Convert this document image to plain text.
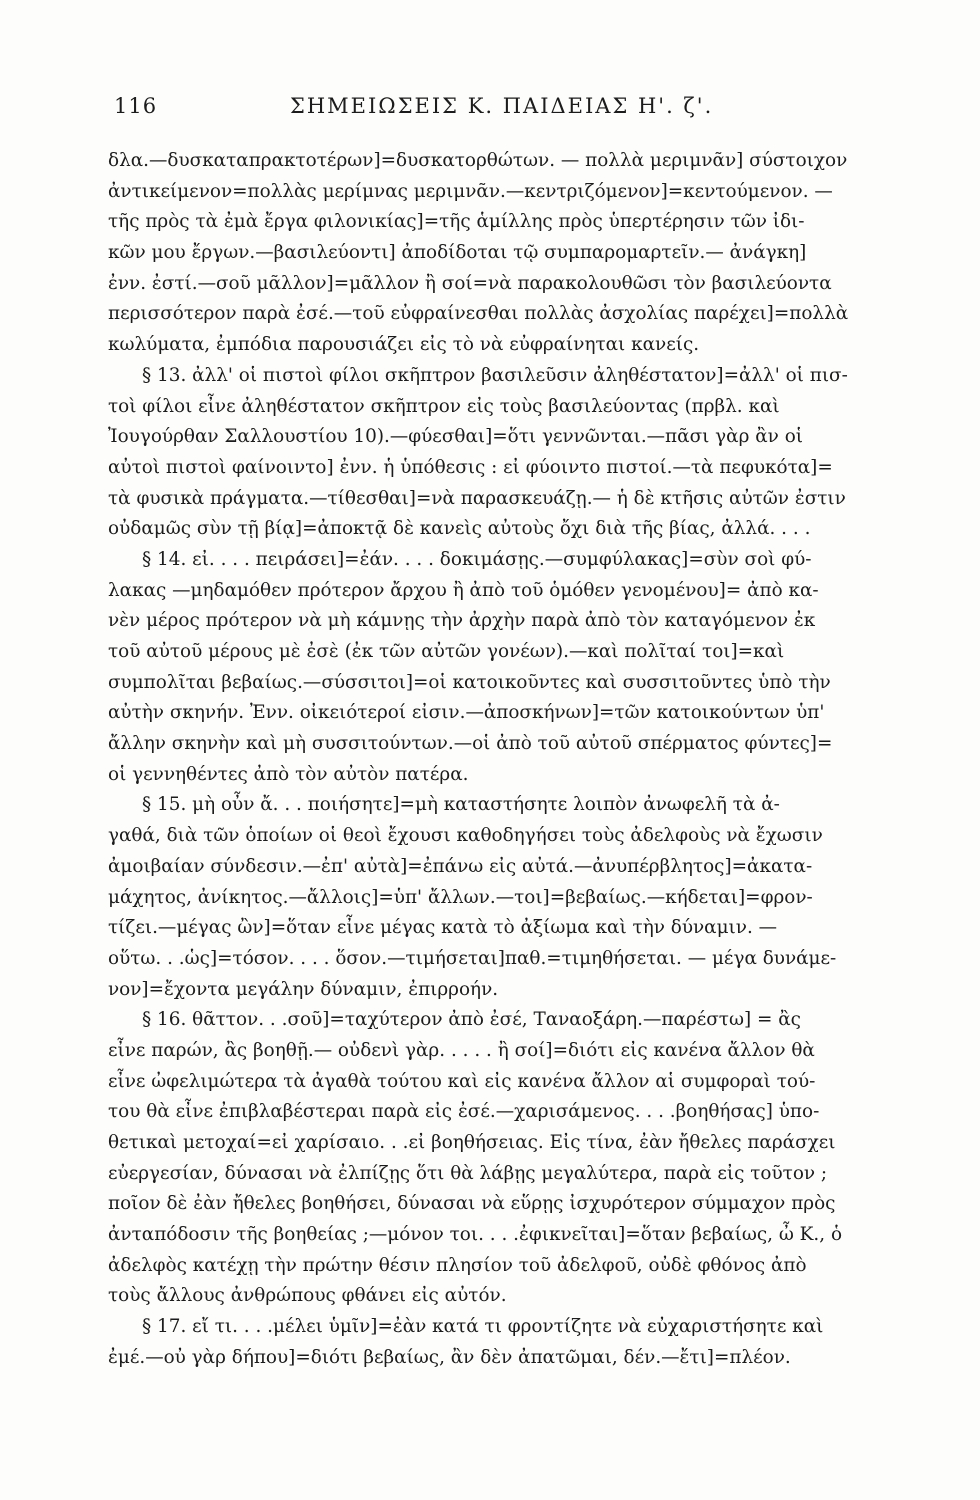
116	ΣΗΜΕΙΩΣΕΙΣ Κ. ΠΑΙΔΕΙΑΣ Η'. ζ'.
δλα.—δυσκαταπρακτοτέρων]=δυσκατορθώτων. — πολλὰ μεριμνᾶν] σύστοιχον
ἀντικείμενον=πολλὰς μερίμνας μεριμνᾶν.—κεντριζόμενον]=κεντούμενον. —
τῆς πρὸς τὰ ἐμὰ ἔργα φιλονικίας]=τῆς ἁμίλλης πρὸς ὑπερτέρησιν τῶν ἰδι-
κῶν μου ἔργων.—βασιλεύοντι] ἀποδίδοται τῷ συμπαρομαρτεῖν.— ἀνάγκη]
ἐνν. ἐστί.—σοῦ μᾶλλον]=μᾶλλον ἢ σοί=νὰ παρακολουθῶσι τὸν βασιλεύοντα
περισσότερον παρὰ ἐσέ.—τοῦ εὐφραίνεσθαι πολλὰς ἀσχολίας παρέχει]=πολλὰ
κωλύματα, ἐμπόδια παρουσιάζει εἰς τὸ νὰ εὐφραίνηται κανείς.
§ 13. ἀλλ' οἱ πιστοὶ φίλοι σκῆπτρον βασιλεῦσιν ἀληθέστατον]=ἀλλ' οἱ πισ-
τοὶ φίλοι εἶνε ἀληθέστατον σκῆπτρον εἰς τοὺς βασιλεύοντας (πρβλ. καὶ
Ἰουγούρθαν Σαλλουστίου 10).—φύεσθαι]=ὅτι γεννῶνται.—πᾶσι γὰρ ἂν οἱ
αὐτοὶ πιστοὶ φαίνοιντο] ἐνν. ἡ ὑπόθεσις : εἰ φύοιντο πιστοί.—τὰ πεφυκότα]=
τὰ φυσικὰ πράγματα.—τίθεσθαι]=νὰ παρασκευάζῃ.— ἡ δὲ κτῆσις αὐτῶν ἐστιν
οὐδαμῶς σὺν τῇ βίᾳ]=ἀποκτᾷ δὲ κανεὶς αὐτοὺς ὄχι διὰ τῆς βίας, ἀλλά. . . .
§ 14. εἰ. . . . πειράσει]=ἐάν. . . . δοκιμάσῃς.—συμφύλακας]=σὺν σοὶ φύ-
λακας —μηδαμόθεν πρότερον ἄρχου ἢ ἀπὸ τοῦ ὁμόθεν γενομένου]= ἀπὸ κα-
νὲν μέρος πρότερον νὰ μὴ κάμνῃς τὴν ἀρχὴν παρὰ ἀπὸ τὸν καταγόμενον ἐκ
τοῦ αὐτοῦ μέρους μὲ ἐσὲ (ἐκ τῶν αὐτῶν γονέων).—καὶ πολῖταί τοι]=καὶ
συμπολῖται βεβαίως.—σύσσιτοι]=οἱ κατοικοῦντες καὶ συσσιτοῦντες ὑπὸ τὴν
αὐτὴν σκηνήν. Ἐνν. οἰκειότεροί εἰσιν.—ἀποσκήνων]=τῶν κατοικούντων ὑπ'
ἄλλην σκηνὴν καὶ μὴ συσσιτούντων.—οἱ ἀπὸ τοῦ αὐτοῦ σπέρματος φύντες]=
οἱ γεννηθέντες ἀπὸ τὸν αὐτὸν πατέρα.
§ 15. μὴ οὖν ἄ. . . ποιήσητε]=μὴ καταστήσητε λοιπὸν ἀνωφελῆ τὰ ἀ-
γαθά, διὰ τῶν ὁποίων οἱ θεοὶ ἔχουσι καθοδηγήσει τοὺς ἀδελφοὺς νὰ ἔχωσιν
ἀμοιβαίαν σύνδεσιν.—ἐπ' αὐτὰ]=ἐπάνω εἰς αὐτά.—ἀνυπέρβλητος]=ἀκατα-
μάχητος, ἀνίκητος.—ἄλλοις]=ὑπ' ἄλλων.—τοι]=βεβαίως.—κήδεται]=φρον-
τίζει.—μέγας ὢν]=ὅταν εἶνε μέγας κατὰ τὸ ἀξίωμα καὶ τὴν δύναμιν. —
οὕτω. . .ὡς]=τόσον. . . . ὅσον.—τιμήσεται]παθ.=τιμηθήσεται. — μέγα δυνάμε-
νον]=ἔχοντα μεγάλην δύναμιν, ἐπιρροήν.
§ 16. θᾶττον. . .σοῦ]=ταχύτερον ἀπὸ ἐσέ, Ταναοξάρη.—παρέστω] = ἂς
εἶνε παρών, ἂς βοηθῇ.— οὐδενὶ γὰρ. . . . . ἢ σοί]=διότι εἰς κανένα ἄλλον θὰ
εἶνε ὠφελιμώτερα τὰ ἀγαθὰ τούτου καὶ εἰς κανένα ἄλλον αἱ συμφοραὶ τού-
του θὰ εἶνε ἐπιβλαβέστεραι παρὰ εἰς ἐσέ.—χαρισάμενος. . . .βοηθήσας] ὑπο-
θετικαὶ μετοχαί=εἰ χαρίσαιο. . .εἰ βοηθήσειας. Εἰς τίνα, ἐὰν ἤθελες παράσχει
εὐεργεσίαν, δύνασαι νὰ ἐλπίζῃς ὅτι θὰ λάβῃς μεγαλύτερα, παρὰ εἰς τοῦτον ;
ποῖον δὲ ἐὰν ἤθελες βοηθήσει, δύνασαι νὰ εὕρῃς ἰσχυρότερον σύμμαχον πρὸς
ἀνταπόδοσιν τῆς βοηθείας ;—μόνον τοι. . . .ἐφικνεῖται]=ὅταν βεβαίως, ὦ Κ., ὁ
ἀδελφὸς κατέχῃ τὴν πρώτην θέσιν πλησίον τοῦ ἀδελφοῦ, οὐδὲ φθόνος ἀπὸ
τοὺς ἄλλους ἀνθρώπους φθάνει εἰς αὐτόν.
§ 17. εἴ τι. . . .μέλει ὑμῖν]=ἐὰν κατά τι φροντίζητε νὰ εὐχαριστήσητε καὶ
ἐμέ.—οὐ γὰρ δήπου]=διότι βεβαίως, ἂν δὲν ἀπατῶμαι, δέν.—ἔτι]=πλέον.
